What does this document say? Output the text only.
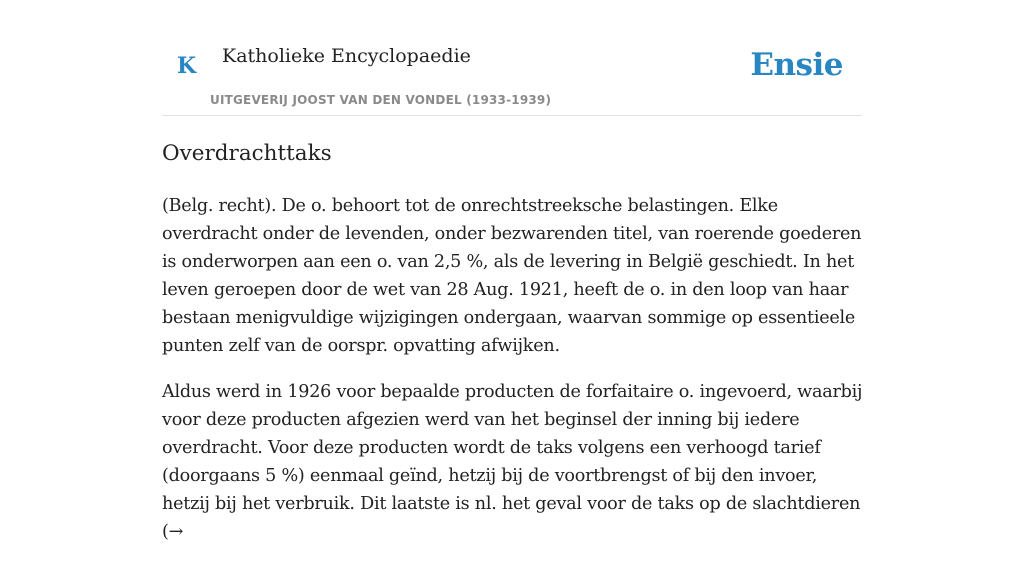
K Katholieke Encyclopaedie
UITGEVERIJ JOOST VAN DEN VONDEL (1933-1939)
Ensie
Overdrachttaks

(Belg. recht). De o. behoort tot de onrechtstreeksche belastingen. Elke overdracht onder de levenden, onder bezwarenden titel, van roerende goederen is onderworpen aan een o. van 2,5 %, als de levering in België geschiedt. In het leven geroepen door de wet van 28 Aug. 1921, heeft de o. in den loop van haar bestaan menigvuldige wijzigingen ondergaan, waarvan sommige op essentieele punten zelf van de oorspr. opvatting afwijken.

Aldus werd in 1926 voor bepaalde producten de forfaitaire o. ingevoerd, waarbij voor deze producten afgezien werd van het beginsel der inning bij iedere overdracht. Voor deze producten wordt de taks volgens een verhoogd tarief (doorgaans 5 %) eenmaal geïnd, hetzij bij de voortbrengst of bij den invoer, hetzij bij het verbruik. Dit laatste is nl. het geval voor de taks op de slachtdieren (→
